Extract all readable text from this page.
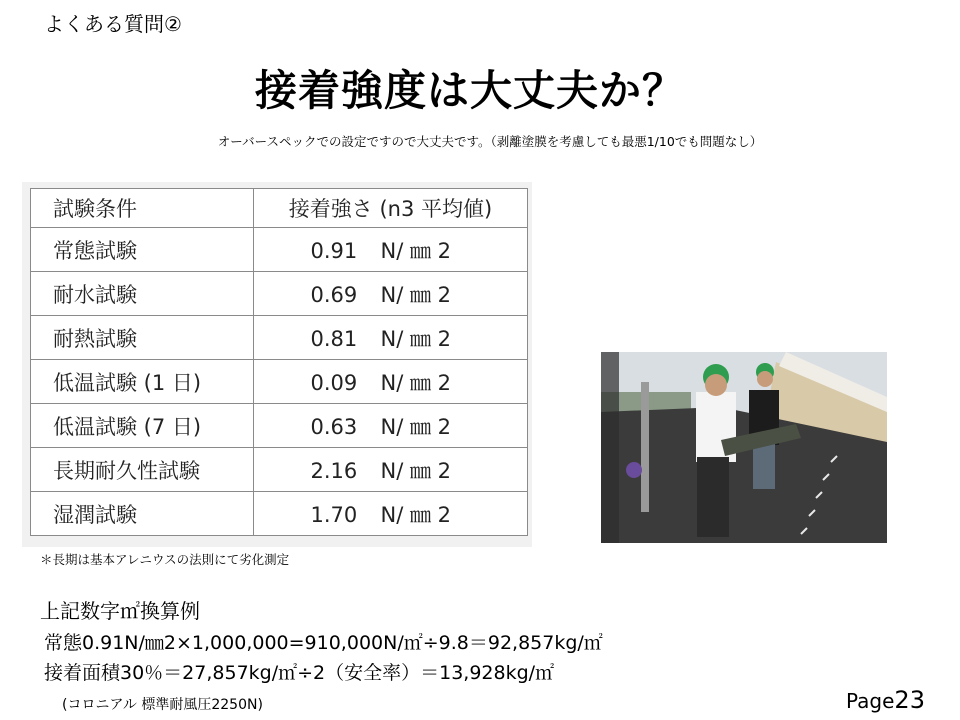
よくある質問②
接着強度は大丈夫か？
オーバースペックでの設定ですので大丈夫です。（剥離塗膜を考慮しても最悪1/10でも問題なし）
試験条件	接着強さ (n3 平均値)
常態試験	0.91 N/ ㎜ 2
耐水試験	0.69 N/ ㎜ 2
耐熱試験	0.81 N/ ㎜ 2
低温試験 (1 日)	0.09 N/ ㎜ 2
低温試験 (7 日)	0.63 N/ ㎜ 2
長期耐久性試験	2.16 N/ ㎜ 2
湿潤試験	1.70 N/ ㎜ 2
＊長期は基本アレニウスの法則にて劣化測定
上記数字㎡換算例
常態0.91N/㎜2×1,000,000=910,000N/㎡÷9.8＝92,857kg/㎡
接着面積30％＝27,857kg/㎡÷2（安全率）＝13,928kg/㎡
(コロニアル 標準耐風圧2250N)	Page23
